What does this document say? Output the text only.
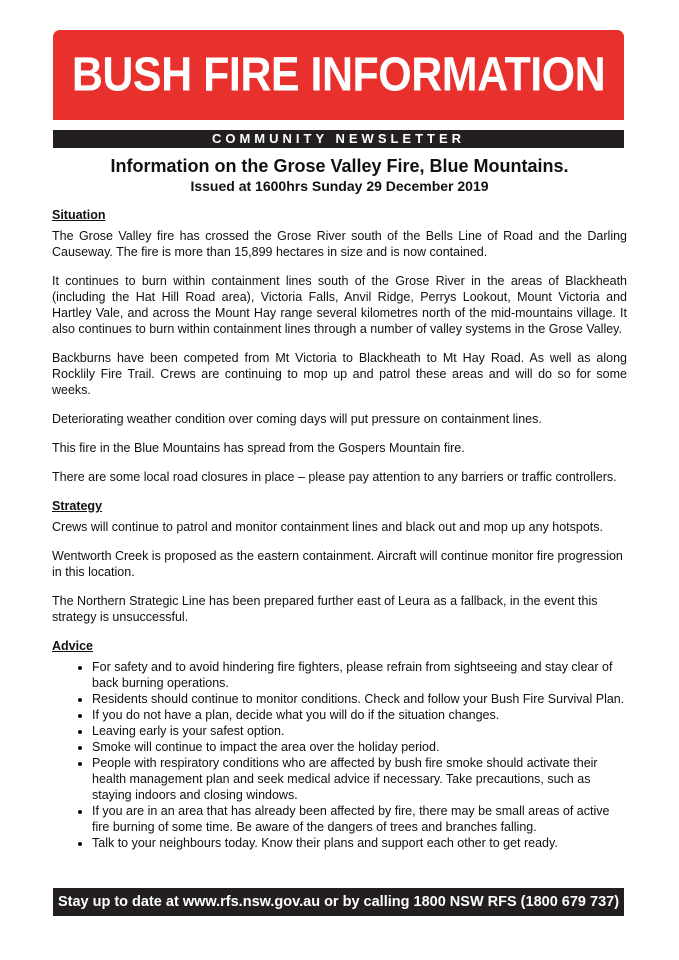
BUSH FIRE INFORMATION
COMMUNITY NEWSLETTER
Information on the Grose Valley Fire, Blue Mountains.
Issued at 1600hrs Sunday 29 December 2019
Situation

The Grose Valley fire has crossed the Grose River south of the Bells Line of Road and the Darling Causeway. The fire is more than 15,899 hectares in size and is now contained.

It continues to burn within containment lines south of the Grose River in the areas of Blackheath (including the Hat Hill Road area), Victoria Falls, Anvil Ridge, Perrys Lookout, Mount Victoria and Hartley Vale, and across the Mount Hay range several kilometres north of the mid-mountains village. It also continues to burn within containment lines through a number of valley systems in the Grose Valley.

Backburns have been competed from Mt Victoria to Blackheath to Mt Hay Road. As well as along Rocklily Fire Trail. Crews are continuing to mop up and patrol these areas and will do so for some weeks.

Deteriorating weather condition over coming days will put pressure on containment lines.

This fire in the Blue Mountains has spread from the Gospers Mountain fire.

There are some local road closures in place – please pay attention to any barriers or traffic controllers.

Strategy

Crews will continue to patrol and monitor containment lines and black out and mop up any hotspots.

Wentworth Creek is proposed as the eastern containment. Aircraft will continue monitor fire progression in this location.

The Northern Strategic Line has been prepared further east of Leura as a fallback, in the event this strategy is unsuccessful.

Advice
• For safety and to avoid hindering fire fighters, please refrain from sightseeing and stay clear of back burning operations.
• Residents should continue to monitor conditions. Check and follow your Bush Fire Survival Plan.
• If you do not have a plan, decide what you will do if the situation changes.
• Leaving early is your safest option.
• Smoke will continue to impact the area over the holiday period.
• People with respiratory conditions who are affected by bush fire smoke should activate their health management plan and seek medical advice if necessary. Take precautions, such as staying indoors and closing windows.
• If you are in an area that has already been affected by fire, there may be small areas of active fire burning of some time. Be aware of the dangers of trees and branches falling.
• Talk to your neighbours today. Know their plans and support each other to get ready.
Stay up to date at www.rfs.nsw.gov.au or by calling 1800 NSW RFS (1800 679 737)
